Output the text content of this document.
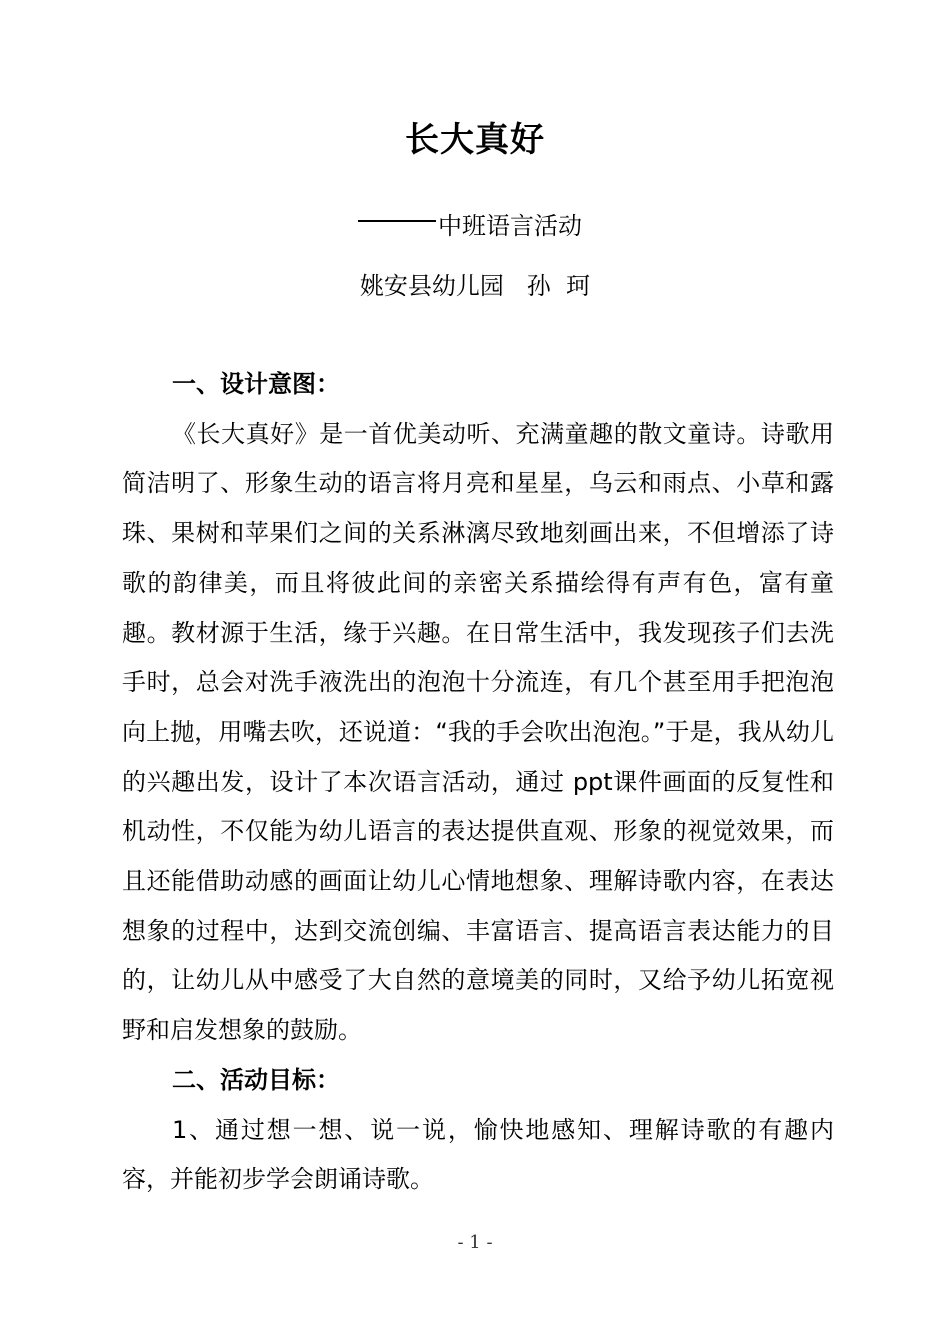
长大真好
中班语言活动
姚安县幼儿园   孙  珂

一、设计意图：

《长大真好》是一首优美动听、充满童趣的散文童诗。诗歌用简洁明了、形象生动的语言将月亮和星星，乌云和雨点、小草和露珠、果树和苹果们之间的关系淋漓尽致地刻画出来，不但增添了诗歌的韵律美，而且将彼此间的亲密关系描绘得有声有色，富有童趣。教材源于生活，缘于兴趣。在日常生活中，我发现孩子们去洗手时，总会对洗手液洗出的泡泡十分流连，有几个甚至用手把泡泡向上抛，用嘴去吹，还说道：“我的手会吹出泡泡。”于是，我从幼儿的兴趣出发，设计了本次语言活动，通过 ppt课件画面的反复性和机动性，不仅能为幼儿语言的表达提供直观、形象的视觉效果，而且还能借助动感的画面让幼儿心情地想象、理解诗歌内容，在表达想象的过程中，达到交流创编、丰富语言、提高语言表达能力的目的，让幼儿从中感受了大自然的意境美的同时，又给予幼儿拓宽视野和启发想象的鼓励。

二、活动目标：

1、通过想一想、说一说，愉快地感知、理解诗歌的有趣内容，并能初步学会朗诵诗歌。

- 1 -
